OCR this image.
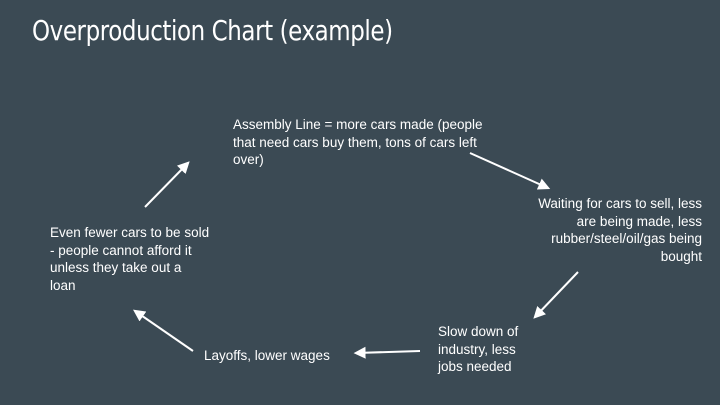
Overproduction Chart (example)
Assembly Line = more cars made (people that need cars buy them, tons of cars left over)
Waiting for cars to sell, less are being made, less rubber/steel/oil/gas being bought
Slow down of industry, less jobs needed
Layoffs, lower wages
Even fewer cars to be sold - people cannot afford it unless they take out a loan
